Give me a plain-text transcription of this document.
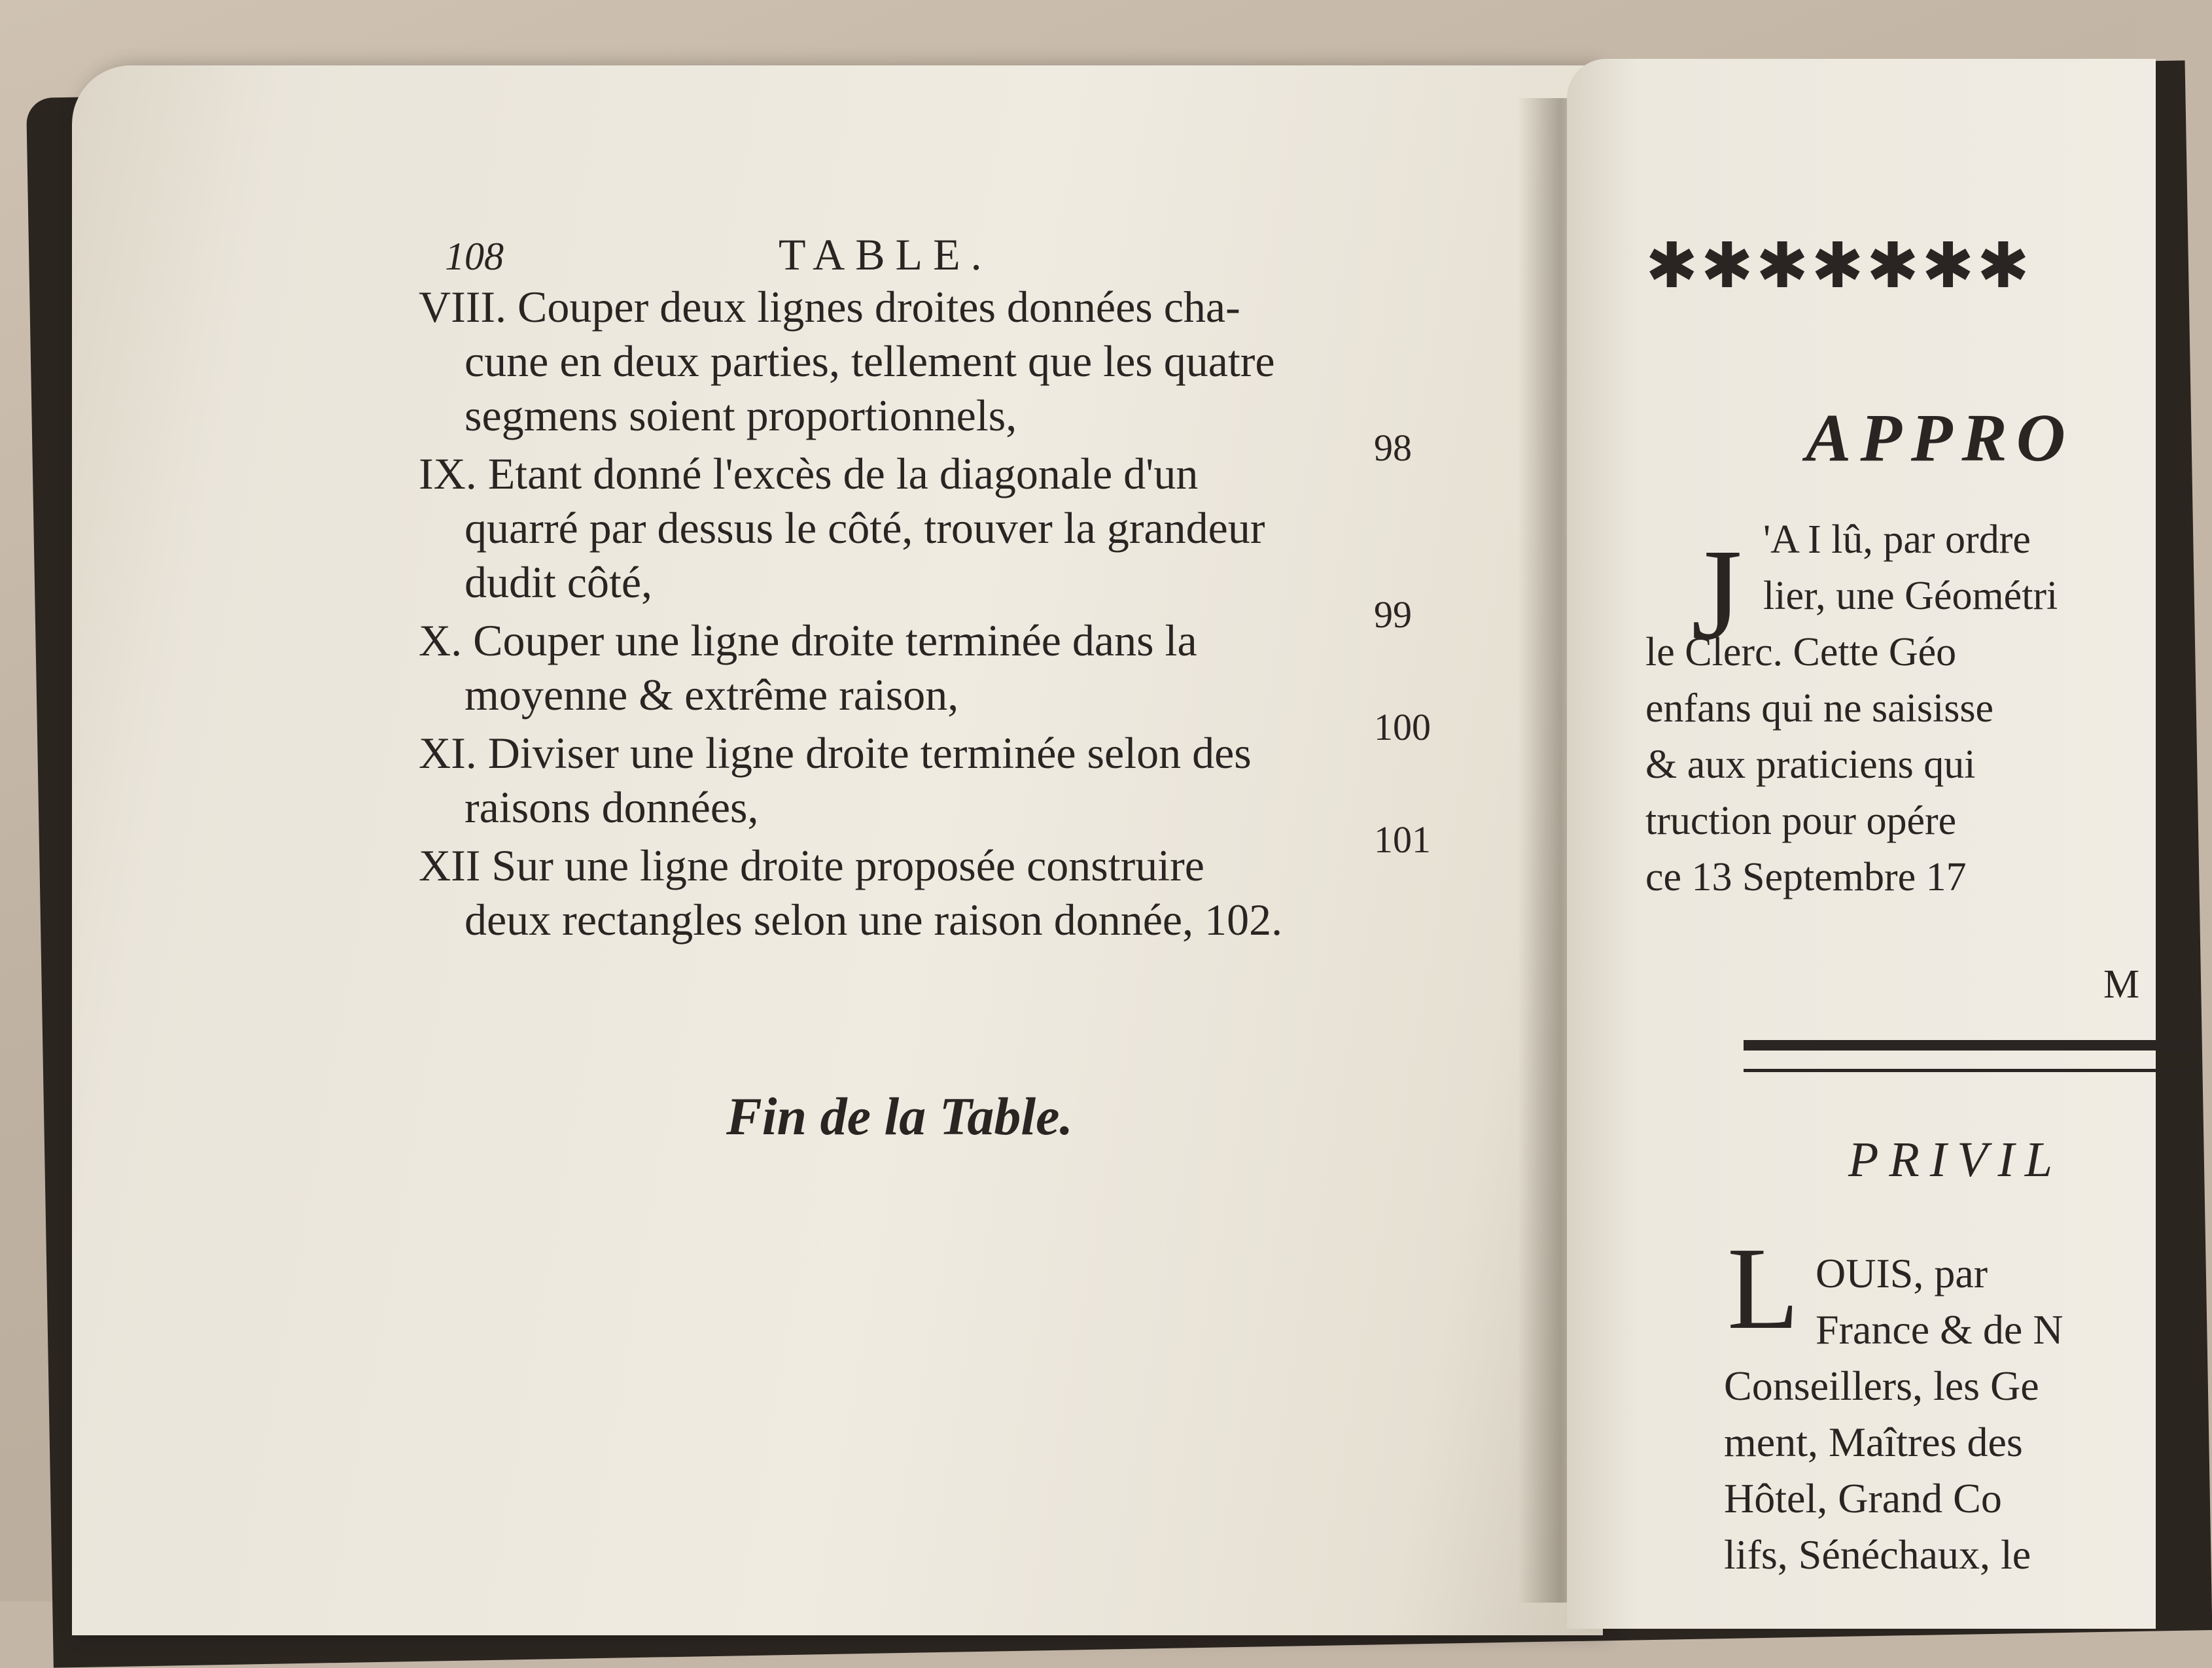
108	TABLE.
VIII. Couper deux lignes droites données cha-
cune en deux parties, tellement que les quatre
segmens soient proportionnels,
98
IX. Etant donné l'excès de la diagonale d'un
quarré par dessus le côté, trouver la grandeur
dudit côté,
99
X. Couper une ligne droite terminée dans la
moyenne & extrême raison,
100
XI. Diviser une ligne droite terminée selon des
raisons données,
101
XII Sur une ligne droite proposée construire
deux rectangles selon une raison donnée, 102.
Fin de la Table.
✱✱✱✱✱✱✱
APPRO
J 'A I lû, par ordre
lier, une Géométri
le Clerc. Cette Géo
enfans qui ne saisisse
& aux praticiens qui
truction pour opére
ce 13 Septembre 17
M
PRIVIL
L OUIS, par
France & de N
Conseillers, les Ge
ment, Maîtres des
Hôtel, Grand Co
lifs, Sénéchaux, le
